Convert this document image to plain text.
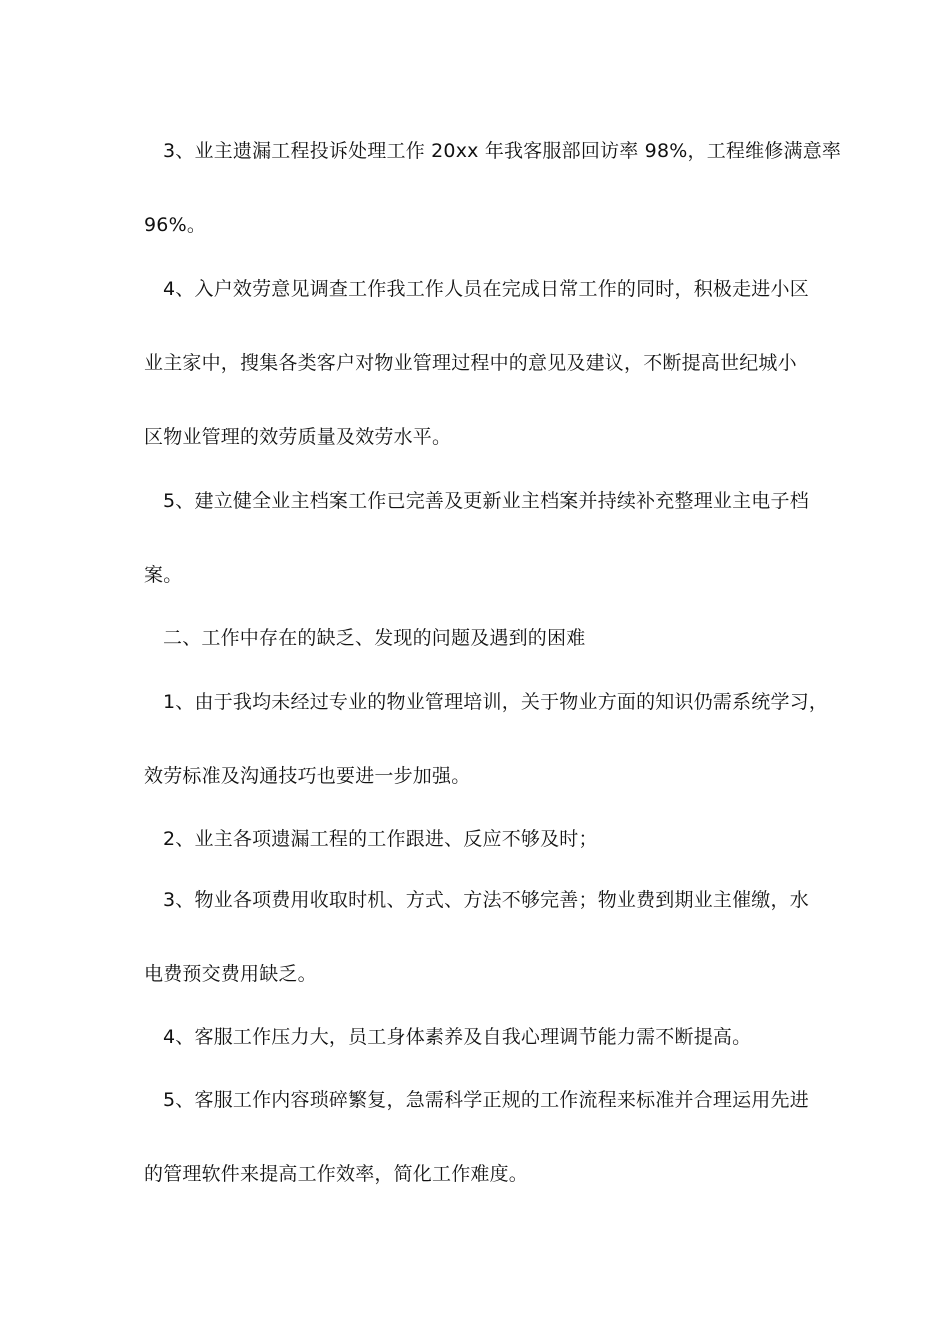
3、业主遗漏工程投诉处理工作 20xx 年我客服部回访率 98%，工程维修满意率
96%。
4、入户效劳意见调查工作我工作人员在完成日常工作的同时，积极走进小区
业主家中，搜集各类客户对物业管理过程中的意见及建议，不断提高世纪城小
区物业管理的效劳质量及效劳水平。
5、建立健全业主档案工作已完善及更新业主档案并持续补充整理业主电子档
案。
二、工作中存在的缺乏、发现的问题及遇到的困难
1、由于我均未经过专业的物业管理培训，关于物业方面的知识仍需系统学习，
效劳标准及沟通技巧也要进一步加强。
2、业主各项遗漏工程的工作跟进、反应不够及时；
3、物业各项费用收取时机、方式、方法不够完善；物业费到期业主催缴，水
电费预交费用缺乏。
4、客服工作压力大，员工身体素养及自我心理调节能力需不断提高。
5、客服工作内容琐碎繁复，急需科学正规的工作流程来标准并合理运用先进
的管理软件来提高工作效率，简化工作难度。
